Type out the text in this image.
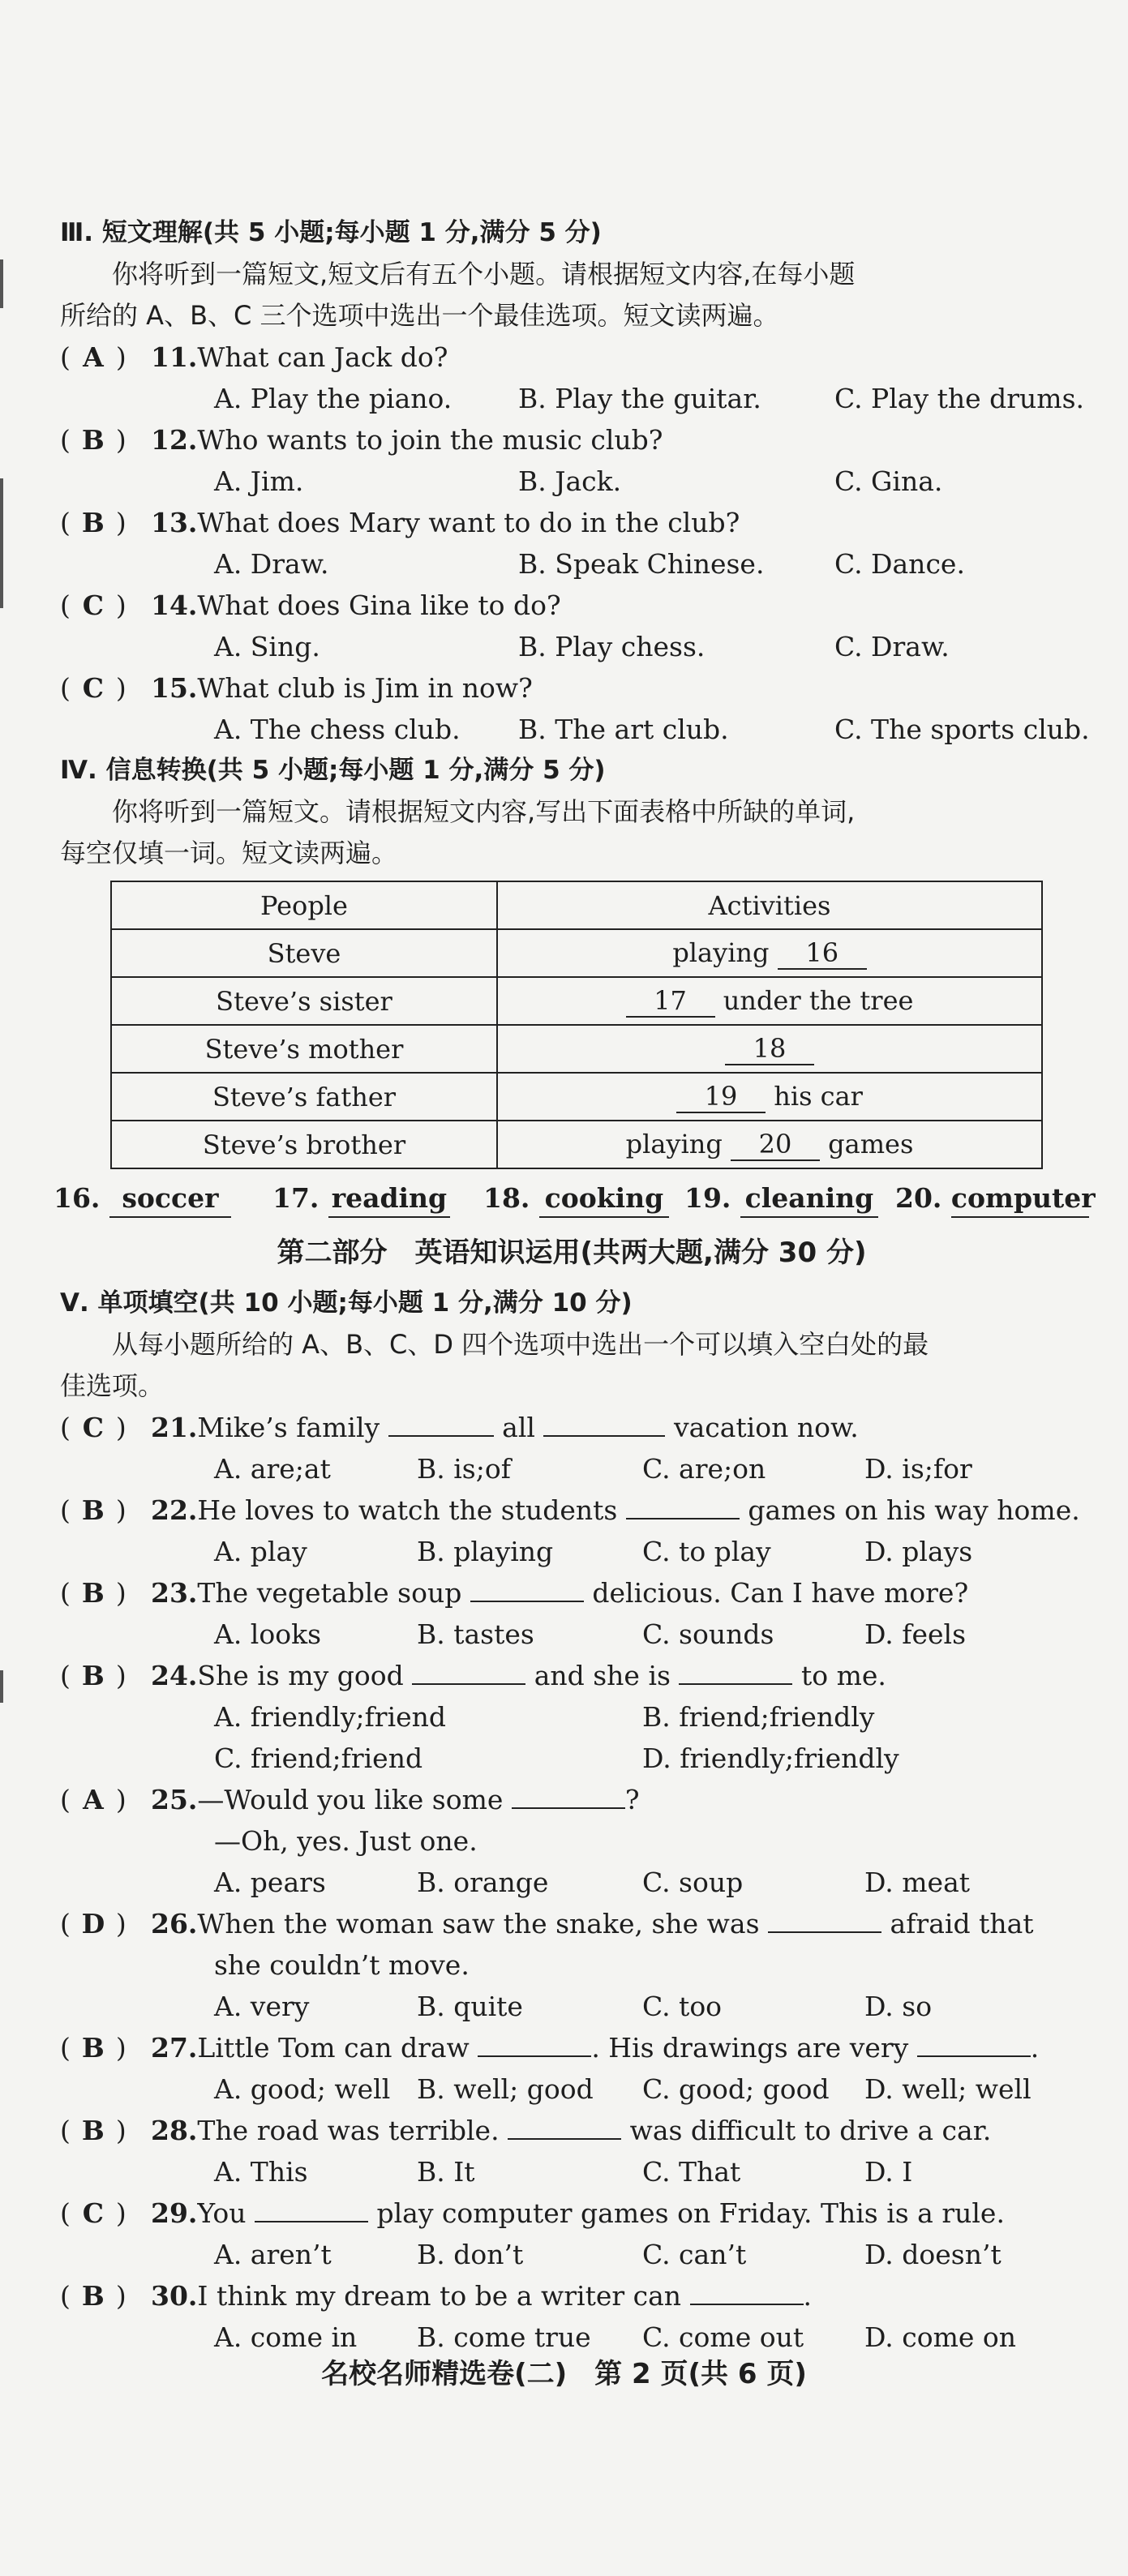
Ⅲ. 短文理解(共 5 小题;每小题 1 分,满分 5 分)
你将听到一篇短文,短文后有五个小题。请根据短文内容,在每小题
所给的 A、B、C 三个选项中选出一个最佳选项。短文读两遍。
( A ) 11.What can Jack do?
A. Play the piano. B. Play the guitar.	C. Play the drums.
( B ) 12.Who wants to join the music club?
A. Jim.	B. Jack.	C. Gina.
( B ) 13.What does Mary want to do in the club?
A. Draw.	B. Speak Chinese.	C. Dance.
( C ) 14.What does Gina like to do?
A. Sing.	B. Play chess.	C. Draw.
( C ) 15.What club is Jim in now?
A. The chess club. B. The art club.	C. The sports club.
Ⅳ. 信息转换(共 5 小题;每小题 1 分,满分 5 分)
你将听到一篇短文。请根据短文内容,写出下面表格中所缺的单词,
每空仅填一词。短文读两遍。
People	Activities
Steve	playing 16
Steve’s sister	17 under the tree
Steve’s mother	18
Steve’s father	19 his car
Steve’s brother	playing 20 games
16. soccer	17. reading 18. cooking 19. cleaning 20. computer
第二部分　英语知识运用(共两大题,满分 30 分)
Ⅴ. 单项填空(共 10 小题;每小题 1 分,满分 10 分)
从每小题所给的 A、B、C、D 四个选项中选出一个可以填入空白处的最
佳选项。
( C ) 21.Mike’s family	all	vacation now.
A. are;at	B. is;of	C. are;on	D. is;for
( B ) 22.He loves to watch the students	games on his way home.
A. play	B. playing	C. to play	D. plays
( B ) 23.The vegetable soup	delicious. Can I have more?
A. looks	B. tastes	C. sounds	D. feels
( B ) 24.She is my good	and she is	to me.
A. friendly;friend	B. friend;friendly
C. friend;friend	D. friendly;friendly
( A ) 25.—Would you like some	?
—Oh, yes. Just one.
A. pears	B. orange	C. soup	D. meat
( D ) 26.When the woman saw the snake, she was	afraid that
she couldn’t move.
A. very	B. quite	C. too	D. so
( B ) 27.Little Tom can draw	. His drawings are very	.
A. good; well B. well; good C. good; good D. well; well
( B ) 28.The road was terrible.	was difficult to drive a car.
A. This	B. It	C. That	D. I
( C ) 29.You	play computer games on Friday. This is a rule.
A. aren’t	B. don’t	C. can’t	D. doesn’t
( B ) 30.I think my dream to be a writer can	.
A. come in B. come true C. come out D. come on
名校名师精选卷(二)　第 2 页(共 6 页)
